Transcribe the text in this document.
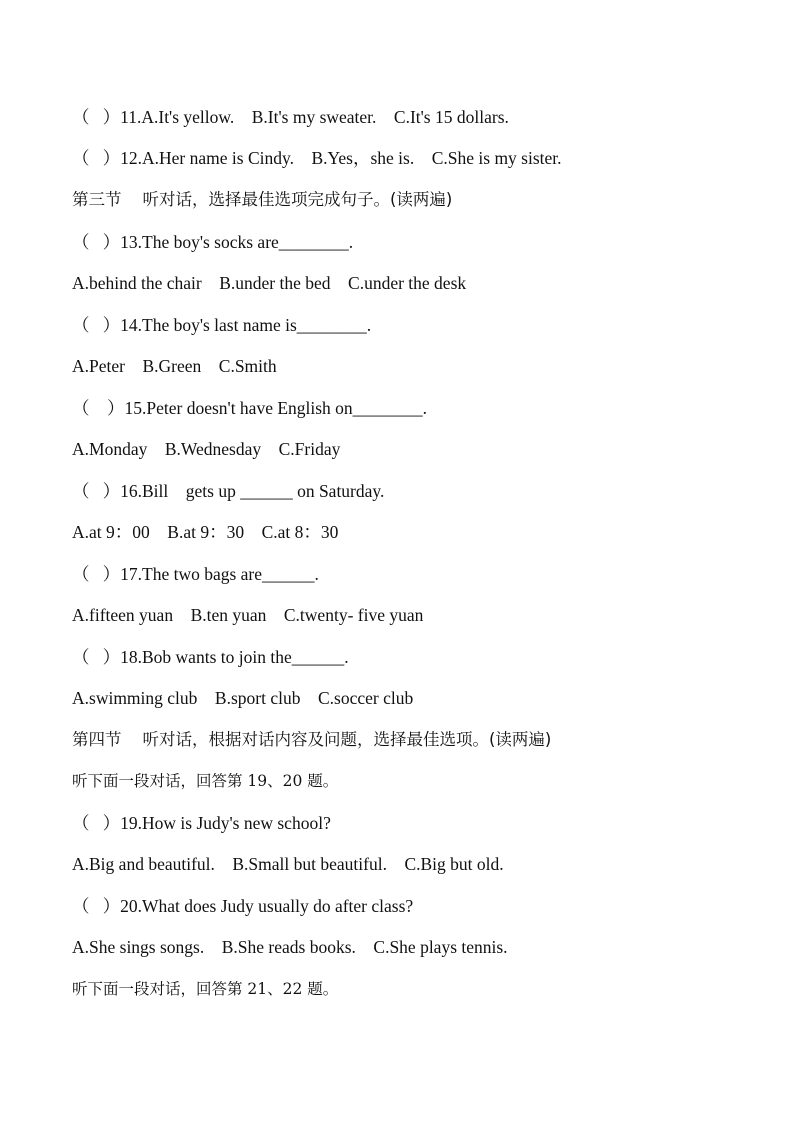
（   ）11.A.It's yellow.    B.It's my sweater.    C.It's 15 dollars.
（   ）12.A.Her name is Cindy.    B.Yes，she is.    C.She is my sister.
第三节    听对话，选择最佳选项完成句子。(读两遍)
（   ）13.The boy's socks are________.
A.behind the chair    B.under the bed    C.under the desk
（   ）14.The boy's last name is________.
A.Peter    B.Green    C.Smith
（    ）15.Peter doesn't have English on________.
A.Monday    B.Wednesday    C.Friday
（   ）16.Bill    gets up ______ on Saturday.
A.at 9：00    B.at 9：30    C.at 8：30
（   ）17.The two bags are______.
A.fifteen yuan    B.ten yuan    C.twenty- five yuan
（   ）18.Bob wants to join the______.
A.swimming club    B.sport club    C.soccer club
第四节    听对话，根据对话内容及问题，选择最佳选项。(读两遍)
听下面一段对话，回答第 19、20 题。
（   ）19.How is Judy's new school?
A.Big and beautiful.    B.Small but beautiful.    C.Big but old.
（   ）20.What does Judy usually do after class?
A.She sings songs.    B.She reads books.    C.She plays tennis.
听下面一段对话，回答第 21、22 题。
